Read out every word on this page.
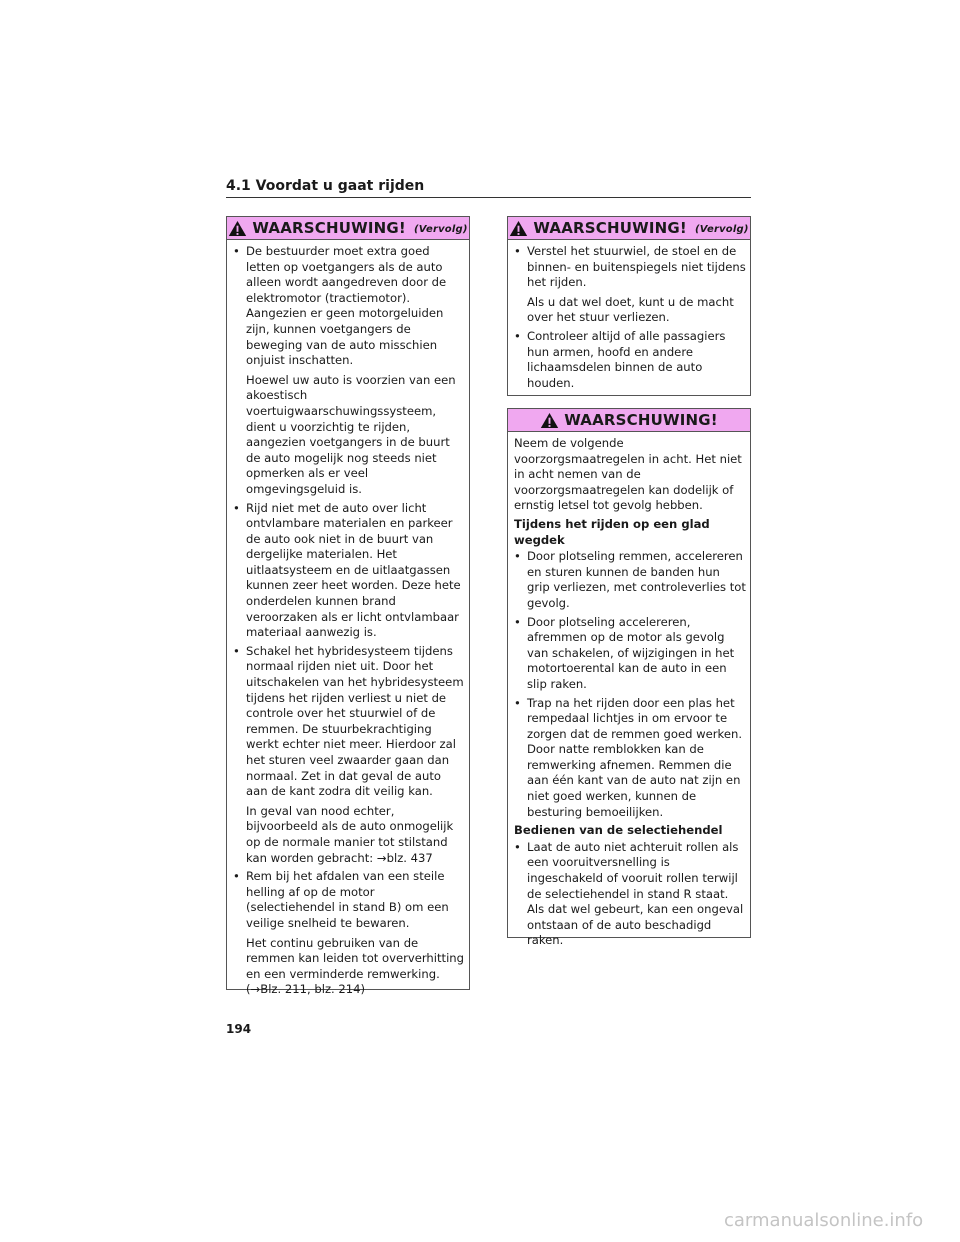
4.1 Voordat u gaat rijden
WAARSCHUWING! (Vervolg)
• De bestuurder moet extra goed letten op voetgangers als de auto alleen wordt aangedreven door de elektromotor (tractiemotor). Aangezien er geen motorgeluiden zijn, kunnen voetgangers de beweging van de auto misschien onjuist inschatten.

Hoewel uw auto is voorzien van een akoestisch voertuigwaarschuwingssysteem, dient u voorzichtig te rijden, aangezien voetgangers in de buurt de auto mogelijk nog steeds niet opmerken als er veel omgevingsgeluid is.

• Rijd niet met de auto over licht ontvlambare materialen en parkeer de auto ook niet in de buurt van dergelijke materialen. Het uitlaatsysteem en de uitlaatgassen kunnen zeer heet worden. Deze hete onderdelen kunnen brand veroorzaken als er licht ontvlambaar materiaal aanwezig is.

• Schakel het hybridesysteem tijdens normaal rijden niet uit. Door het uitschakelen van het hybridesysteem tijdens het rijden verliest u niet de controle over het stuurwiel of de remmen. De stuurbekrachtiging werkt echter niet meer. Hierdoor zal het sturen veel zwaarder gaan dan normaal. Zet in dat geval de auto aan de kant zodra dit veilig kan.

In geval van nood echter, bijvoorbeeld als de auto onmogelijk op de normale manier tot stilstand kan worden gebracht: →blz. 437

• Rem bij het afdalen van een steile helling af op de motor (selectiehendel in stand B) om een veilige snelheid te bewaren.

Het continu gebruiken van de remmen kan leiden tot oververhitting en een verminderde remwerking. (→Blz. 211, blz. 214)

WAARSCHUWING! (Vervolg)
• Verstel het stuurwiel, de stoel en de binnen- en buitenspiegels niet tijdens het rijden.

Als u dat wel doet, kunt u de macht over het stuur verliezen.

• Controleer altijd of alle passagiers hun armen, hoofd en andere lichaamsdelen binnen de auto houden.

WAARSCHUWING!

Neem de volgende voorzorgsmaatregelen in acht. Het niet in acht nemen van de voorzorgsmaatregelen kan dodelijk of ernstig letsel tot gevolg hebben.

Tijdens het rijden op een glad wegdek
• Door plotseling remmen, accelereren en sturen kunnen de banden hun grip verliezen, met controleverlies tot gevolg.

• Door plotseling accelereren, afremmen op de motor als gevolg van schakelen, of wijzigingen in het motortoerental kan de auto in een slip raken.

• Trap na het rijden door een plas het rempedaal lichtjes in om ervoor te zorgen dat de remmen goed werken. Door natte remblokken kan de remwerking afnemen. Remmen die aan één kant van de auto nat zijn en niet goed werken, kunnen de besturing bemoeilijken.

Bedienen van de selectiehendel
• Laat de auto niet achteruit rollen als een vooruitversnelling is ingeschakeld of vooruit rollen terwijl de selectiehendel in stand R staat. Als dat wel gebeurt, kan een ongeval ontstaan of de auto beschadigd raken.

194
carmanualsonline.info
